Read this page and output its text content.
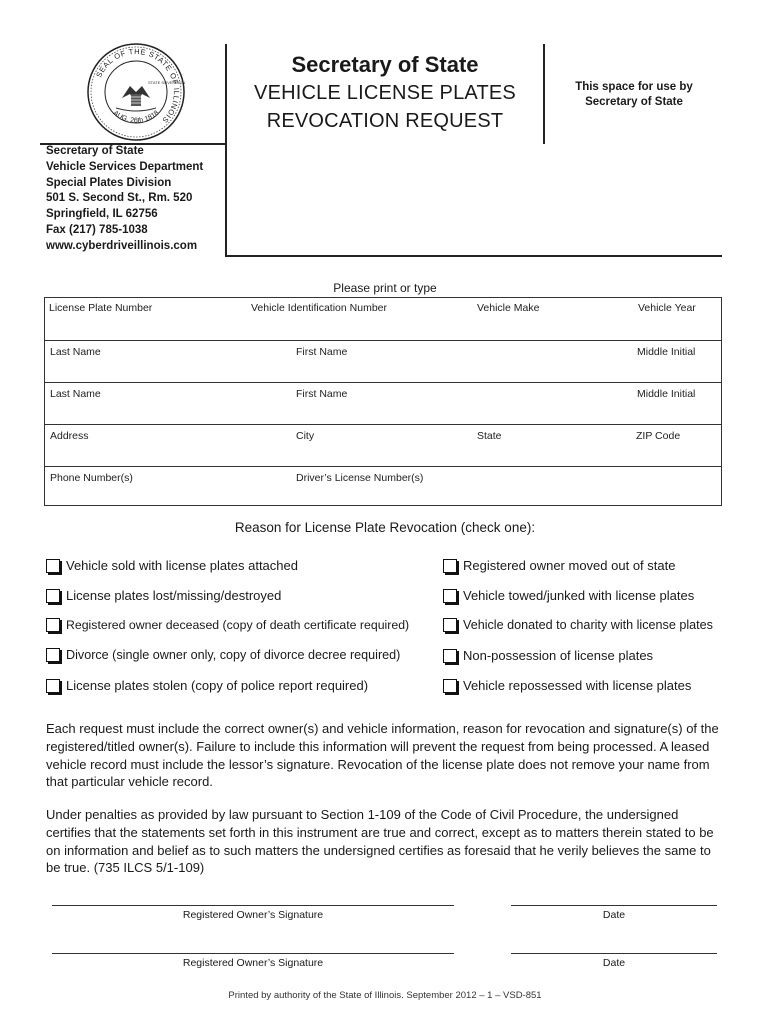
SEAL OF THE STATE OF ILLINOIS
AUG. 26th 1818
STATE SOVEREIGN
Secretary of State
VEHICLE LICENSE PLATES
REVOCATION REQUEST
This space for use by
Secretary of State
Secretary of State
Vehicle Services Department
Special Plates Division
501 S. Second St., Rm. 520
Springfield, IL 62756
Fax (217) 785-1038
www.cyberdriveillinois.com
Please print or type
License Plate Number	Vehicle Identification Number	Vehicle Make	Vehicle Year
Last Name	First Name	Middle Initial
Last Name	First Name	Middle Initial
Address	City	State	ZIP Code
Phone Number(s)	Driver’s License Number(s)
Reason for License Plate Revocation (check one):
Vehicle sold with license plates attached
License plates lost/missing/destroyed
Registered owner deceased (copy of death certificate required)
Divorce (single owner only, copy of divorce decree required)
License plates stolen (copy of police report required)
Registered owner moved out of state
Vehicle towed/junked with license plates
Vehicle donated to charity with license plates
Non-possession of license plates
Vehicle repossessed with license plates
Each request must include the correct owner(s) and vehicle information, reason for revocation and signature(s) of the registered/titled owner(s). Failure to include this information will prevent the request from being processed. A leased vehicle record must include the lessor’s signature. Revocation of the license plate does not remove your name from that particular vehicle record.
Under penalties as provided by law pursuant to Section 1-109 of the Code of Civil Procedure, the undersigned certifies that the statements set forth in this instrument are true and correct, except as to matters therein stated to be on information and belief as to such matters the undersigned certifies as foresaid that he verily believes the same to be true. (735 ILCS 5/1-109)
Registered Owner’s Signature	Date
Registered Owner’s Signature	Date
Printed by authority of the State of Illinois. September 2012 – 1 – VSD-851
